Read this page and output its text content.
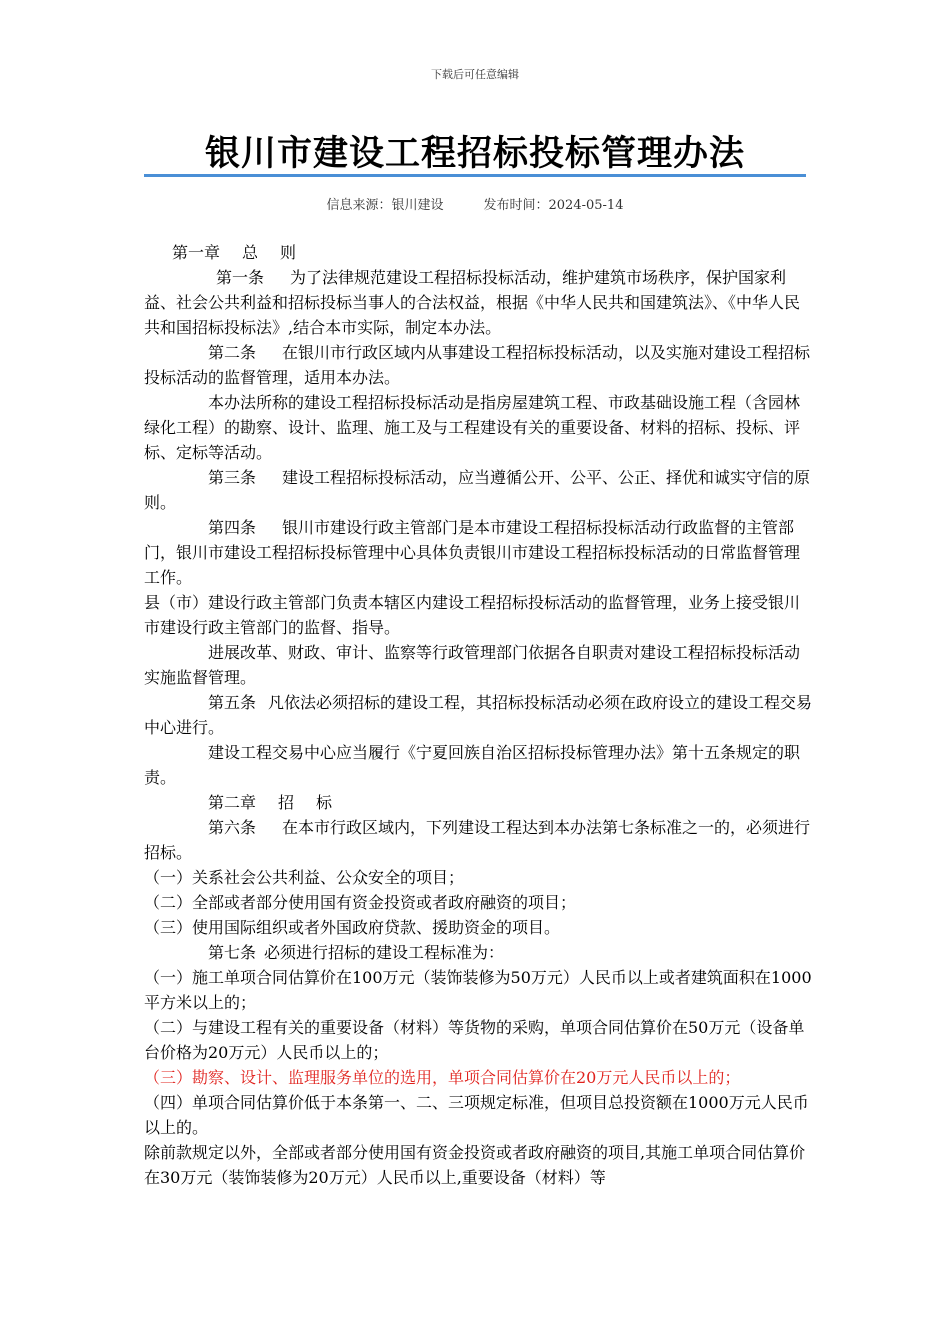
下载后可任意编辑
银川市建设工程招标投标管理办法
信息来源：银川建设	发布时间：2024-05-14

第一章 总 则

第一条 为了法律规范建设工程招标投标活动，维护建筑市场秩序，保护国家利益、社会公共利益和招标投标当事人的合法权益，根据《中华人民共和国建筑法》、《中华人民共和国招标投标法》,结合本市实际，制定本办法。

第二条 在银川市行政区域内从事建设工程招标投标活动，以及实施对建设工程招标投标活动的监督管理，适用本办法。

本办法所称的建设工程招标投标活动是指房屋建筑工程、市政基础设施工程（含园林绿化工程）的勘察、设计、监理、施工及与工程建设有关的重要设备、材料的招标、投标、评标、定标等活动。

第三条 建设工程招标投标活动，应当遵循公开、公平、公正、择优和诚实守信的原则。

第四条 银川市建设行政主管部门是本市建设工程招标投标活动行政监督的主管部门，银川市建设工程招标投标管理中心具体负责银川市建设工程招标投标活动的日常监督管理工作。

县（市）建设行政主管部门负责本辖区内建设工程招标投标活动的监督管理，业务上接受银川市建设行政主管部门的监督、指导。

进展改革、财政、审计、监察等行政管理部门依据各自职责对建设工程招标投标活动实施监督管理。

第五条 凡依法必须招标的建设工程，其招标投标活动必须在政府设立的建设工程交易中心进行。

建设工程交易中心应当履行《宁夏回族自治区招标投标管理办法》第十五条规定的职责。

第二章 招 标

第六条 在本市行政区域内，下列建设工程达到本办法第七条标准之一的，必须进行招标。

（一）关系社会公共利益、公众安全的项目；

（二）全部或者部分使用国有资金投资或者政府融资的项目；

（三）使用国际组织或者外国政府贷款、援助资金的项目。

第七条 必须进行招标的建设工程标准为：

（一）施工单项合同估算价在100万元（装饰装修为50万元）人民币以上或者建筑面积在1000平方米以上的；

（二）与建设工程有关的重要设备（材料）等货物的采购，单项合同估算价在50万元（设备单台价格为20万元）人民币以上的；

（三）勘察、设计、监理服务单位的选用，单项合同估算价在20万元人民币以上的；

（四）单项合同估算价低于本条第一、二、三项规定标准，但项目总投资额在1000万元人民币以上的。

除前款规定以外，全部或者部分使用国有资金投资或者政府融资的项目,其施工单项合同估算价在30万元（装饰装修为20万元）人民币以上,重要设备（材料）等
